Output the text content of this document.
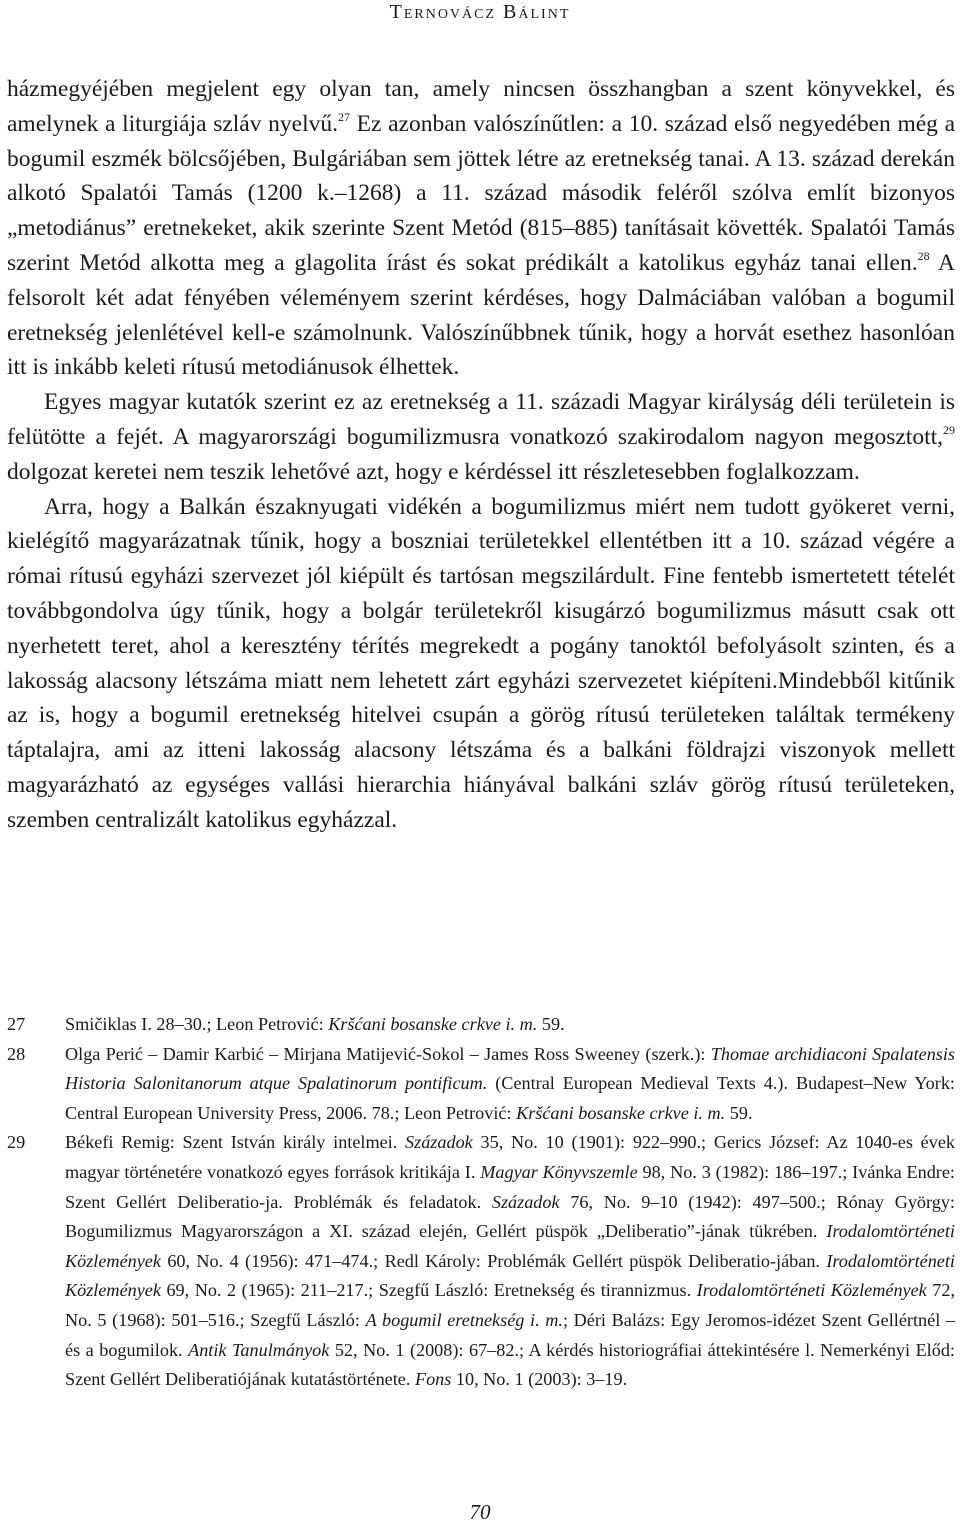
Ternovácz Bálint

házmegyéjében megjelent egy olyan tan, amely nincsen összhangban a szent könyvekkel, és amelynek a liturgiája szláv nyelvű.$^{27}$ Ez azonban valószínűtlen: a 10. század első negyedében még a bogumil eszmék bölcsőjében, Bulgáriában sem jöttek létre az eretnekség tanai. A 13. század derekán alkotó Spalatói Tamás (1200 k.–1268) a 11. század második feléről szólva említ bizonyos „metodiánus” eretnekeket, akik szerinte Szent Metód (815–885) tanításait követték. Spalatói Tamás szerint Metód alkotta meg a glagolita írást és sokat prédikált a katolikus egyház tanai ellen.$^{28}$ A felsorolt két adat fényében véleményem szerint kérdéses, hogy Dalmáciában valóban a bogumil eretnekség jelenlétével kell-e számolnunk. Valószínűbbnek tűnik, hogy a horvát esethez hasonlóan itt is inkább keleti rítusú metodiánusok élhettek.

Egyes magyar kutatók szerint ez az eretnekség a 11. századi Magyar királyság déli területein is felütötte a fejét. A magyarországi bogumilizmusra vonatkozó szakirodalom nagyon megosztott,$^{29}$ dolgozat keretei nem teszik lehetővé azt, hogy e kérdéssel itt részletesebben foglalkozzam.

Arra, hogy a Balkán északnyugati vidékén a bogumilizmus miért nem tudott gyökeret verni, kielégítő magyarázatnak tűnik, hogy a boszniai területekkel ellentétben itt a 10. század végére a római rítusú egyházi szervezet jól kiépült és tartósan megszilárdult. Fine fentebb ismertetett tételét továbbgondolva úgy tűnik, hogy a bolgár területekről kisugárzó bogumilizmus másutt csak ott nyerhetett teret, ahol a keresztény térítés megrekedt a pogány tanoktól befolyásolt szinten, és a lakosság alacsony létszáma miatt nem lehetett zárt egyházi szervezetet kiépíteni.Mindebből kitűnik az is, hogy a bogumil eretnekség hitelvei csupán a görög rítusú területeken találtak termékeny táptalajra, ami az itteni lakosság alacsony létszáma és a balkáni földrajzi viszonyok mellett magyarázható az egységes vallási hierarchia hiányával balkáni szláv görög rítusú területeken, szemben centralizált katolikus egyházzal.

27	Smičiklas I. 28–30.; Leon Petrović: Kršćani bosanske crkve i. m. 59.
28	Olga Perić – Damir Karbić – Mirjana Matijević-Sokol – James Ross Sweeney (szerk.): Thomae archidiaconi Spalatensis Historia Salonitanorum atque Spalatinorum pontificum. (Central European Medieval Texts 4.). Budapest–New York: Central European University Press, 2006. 78.; Leon Petrović: Kršćani bosanske crkve i. m. 59.
29	Békefi Remig: Szent István király intelmei. Századok 35, No. 10 (1901): 922–990.; Gerics József: Az 1040-es évek magyar történetére vonatkozó egyes források kritikája I. Magyar Könyvszemle 98, No. 3 (1982): 186–197.; Ivánka Endre: Szent Gellért Deliberatio-ja. Problémák és feladatok. Századok 76, No. 9–10 (1942): 497–500.; Rónay György: Bogumilizmus Magyarországon a XI. század elején, Gellért püspök „Deliberatio”-jának tükrében. Irodalomtörténeti Közlemények 60, No. 4 (1956): 471–474.; Redl Károly: Problémák Gellért püspök Deliberatio-jában. Irodalomtörténeti Közlemények 69, No. 2 (1965): 211–217.; Szegfű László: Eretnekség és tirannizmus. Irodalomtörténeti Közlemények 72, No. 5 (1968): 501–516.; Szegfű László: A bogumil eretnekség i. m.; Déri Balázs: Egy Jeromos-idézet Szent Gellértnél – és a bogumilok. Antik Tanulmányok 52, No. 1 (2008): 67–82.; A kérdés historiográfiai áttekintésére l. Nemerkényi Előd: Szent Gellért Deliberatiójának kutatástörténete. Fons 10, No. 1 (2003): 3–19.
70
